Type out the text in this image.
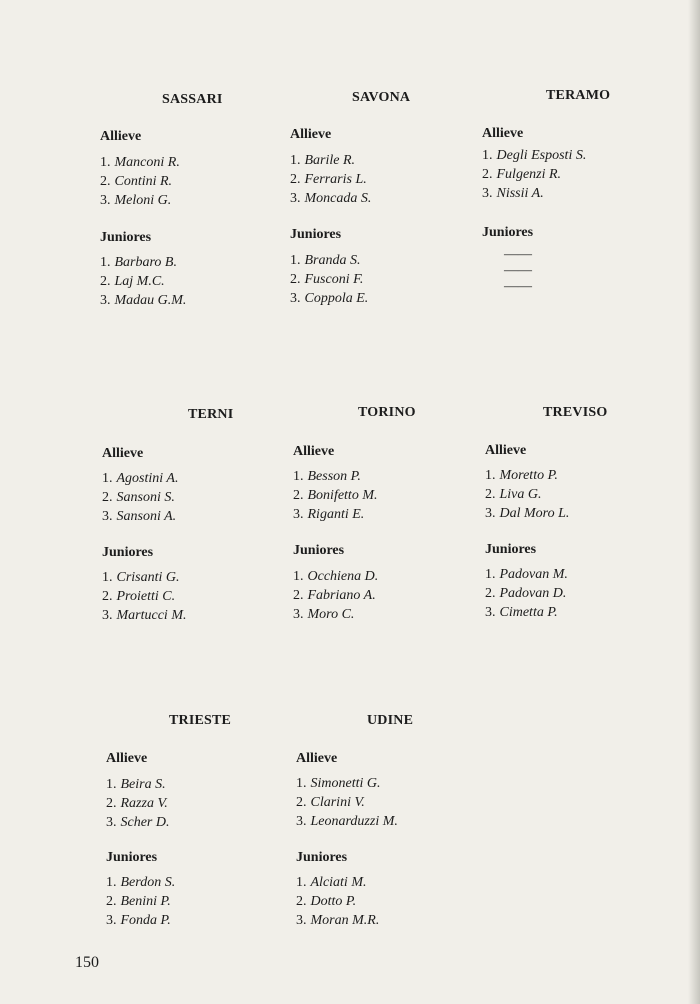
SASSARI
Allieve
1. Manconi R.
2. Contini R.
3. Meloni G.
Juniores
1. Barbaro B.
2. Laj M.C.
3. Madau G.M.
SAVONA
Allieve
1. Barile R.
2. Ferraris L.
3. Moncada S.
Juniores
1. Branda S.
2. Fusconi F.
3. Coppola E.
TERAMO
Allieve
1. Degli Esposti S.
2. Fulgenzi R.
3. Nissii A.
Juniores
——
——
——
TERNI
Allieve
1. Agostini A.
2. Sansoni S.
3. Sansoni A.
Juniores
1. Crisanti G.
2. Proietti C.
3. Martucci M.
TORINO
Allieve
1. Besson P.
2. Bonifetto M.
3. Riganti E.
Juniores
1. Occhiena D.
2. Fabriano A.
3. Moro C.
TREVISO
Allieve
1. Moretto P.
2. Liva G.
3. Dal Moro L.
Juniores
1. Padovan M.
2. Padovan D.
3. Cimetta P.
TRIESTE
Allieve
1. Beira S.
2. Razza V.
3. Scher D.
Juniores
1. Berdon S.
2. Benini P.
3. Fonda P.
UDINE
Allieve
1. Simonetti G.
2. Clarini V.
3. Leonarduzzi M.
Juniores
1. Alciati M.
2. Dotto P.
3. Moran M.R.
150
